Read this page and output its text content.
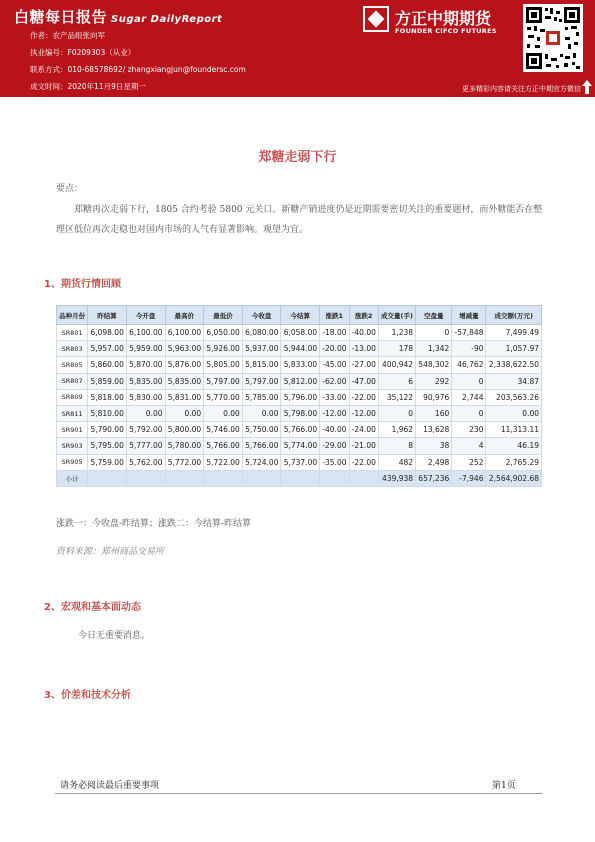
白糖每日报告 Sugar DailyReport
作者：农产品组张向军
执业编号：F0209303（从业）
联系方式：010-68578692/ zhangxiangjun@foundersc.com
成文时间：2020年11月9日星期一
方正中期期货
FOUNDER CIFCO FUTURES
更多精彩内容请关注方正中期官方微信
郑糖走弱下行
要点：
郑糖再次走弱下行，1805 合约考验 5800 元关口。新糖产销进度仍是近期需要密切关注的重要题材，而外糖能否在整理区低位再次走稳也对国内市场的人气有显著影响。观望为宜。
1、期货行情回顾
品种月份	昨结算	今开盘	最高价	最低价	今收盘	今结算	涨跌1	涨跌2	成交量(手)	空盘量	增减量	成交额(万元)
SR801	6,098.00	6,100.00	6,100.00	6,050.00	6,080.00	6,058.00	-18.00	-40.00	1,238	0	-57,848	7,499.49
SR803	5,957.00	5,959.00	5,963.00	5,926.00	5,937.00	5,944.00	-20.00	-13.00	178	1,342	-90	1,057.97
SR805	5,860.00	5,870.00	5,876.00	5,805.00	5,815.00	5,833.00	-45.00	-27.00	400,942	548,302	46,762	2,338,622.50
SR807	5,859.00	5,835.00	5,835.00	5,797.00	5,797.00	5,812.00	-62.00	-47.00	6	292	0	34.87
SR809	5,818.00	5,830.00	5,831.00	5,770.00	5,785.00	5,796.00	-33.00	-22.00	35,122	90,976	2,744	203,563.26
SR811	5,810.00	0.00	0.00	0.00	0.00	5,798.00	-12.00	-12.00	0	160	0	0.00
SR901	5,790.00	5,792.00	5,800.00	5,746.00	5,750.00	5,766.00	-40.00	-24.00	1,962	13,628	230	11,313.11
SR903	5,795.00	5,777.00	5,780.00	5,766.00	5,766.00	5,774.00	-29.00	-21.00	8	38	4	46.19
SR905	5,759.00	5,762.00	5,772.00	5,722.00	5,724.00	5,737.00	-35.00	-22.00	482	2,498	252	2,765.29
小计									439,938	657,236	-7,946	2,564,902.68
涨跌一：今收盘-昨结算；涨跌二：今结算-昨结算
资料来源：郑州商品交易所
2、宏观和基本面动态
今日无重要消息。
3、价差和技术分析
请务必阅读最后重要事项	第1页
